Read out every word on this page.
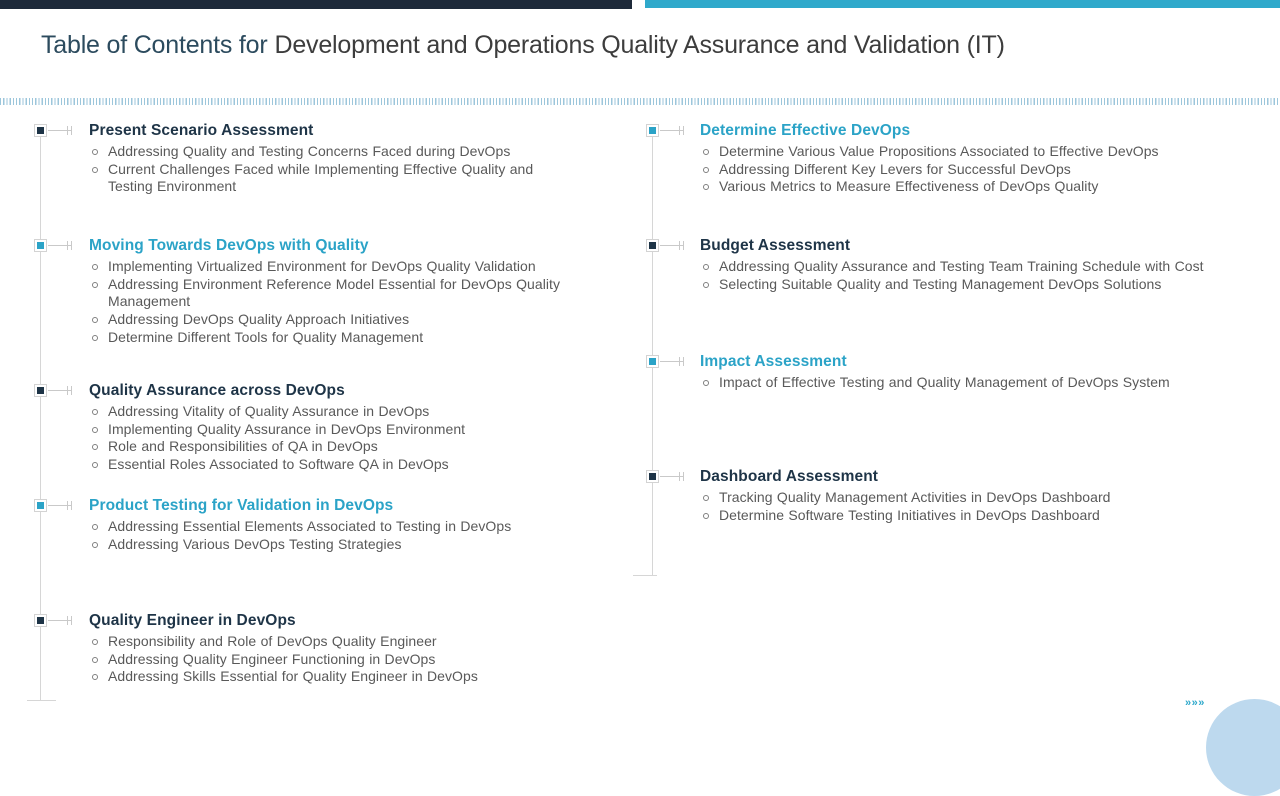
Table of Contents for Development and Operations Quality Assurance and Validation (IT)
Present Scenario Assessment
Addressing Quality and Testing Concerns Faced during DevOps
Current Challenges Faced while Implementing Effective Quality and Testing Environment
Moving Towards DevOps with Quality
Implementing Virtualized Environment for DevOps Quality Validation
Addressing Environment Reference Model Essential for DevOps Quality Management
Addressing DevOps Quality Approach Initiatives
Determine Different Tools for Quality Management
Quality Assurance across DevOps
Addressing Vitality of Quality Assurance in DevOps
Implementing Quality Assurance in DevOps Environment
Role and Responsibilities of QA in DevOps
Essential Roles Associated to Software QA in DevOps
Product Testing for Validation in DevOps
Addressing Essential Elements Associated to Testing in DevOps
Addressing Various DevOps Testing Strategies
Quality Engineer in DevOps
Responsibility and Role of DevOps Quality Engineer
Addressing Quality Engineer Functioning in DevOps
Addressing Skills Essential for Quality Engineer in DevOps
Determine Effective DevOps
Determine Various Value Propositions Associated to Effective DevOps
Addressing Different Key Levers for Successful DevOps
Various Metrics to Measure Effectiveness of DevOps Quality
Budget Assessment
Addressing Quality Assurance and Testing Team Training Schedule with Cost
Selecting Suitable Quality and Testing Management DevOps Solutions
Impact Assessment
Impact of Effective Testing and Quality Management of DevOps System
Dashboard Assessment
Tracking Quality Management Activities in DevOps Dashboard
Determine Software Testing Initiatives in DevOps Dashboard
»»»
